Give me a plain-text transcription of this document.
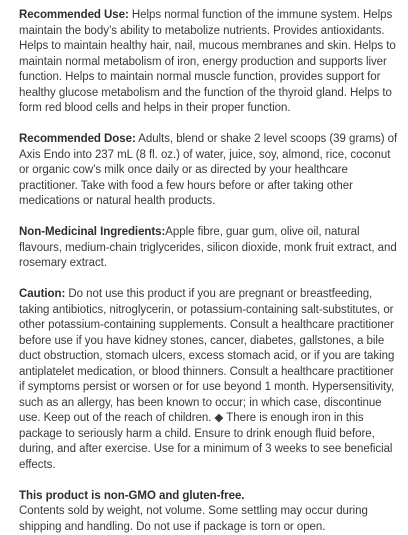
Recommended Use: Helps normal function of the immune system. Helps maintain the body’s ability to metabolize nutrients. Provides antioxidants. Helps to maintain healthy hair, nail, mucous membranes and skin. Helps to maintain normal metabolism of iron, energy production and supports liver function. Helps to maintain normal muscle function, provides support for healthy glucose metabolism and the function of the thyroid gland. Helps to form red blood cells and helps in their proper function.

Recommended Dose: Adults, blend or shake 2 level scoops (39 grams) of Axis Endo into 237 mL (8 fl. oz.) of water, juice, soy, almond, rice, coconut or organic cow’s milk once daily or as directed by your healthcare practitioner. Take with food a few hours before or after taking other medications or natural health products.

Non-Medicinal Ingredients:Apple fibre, guar gum, olive oil, natural flavours, medium-chain triglycerides, silicon dioxide, monk fruit extract, and rosemary extract.

Caution: Do not use this product if you are pregnant or breastfeeding, taking antibiotics, nitroglycerin, or potassium-containing salt-substitutes, or other potassium-containing supplements. Consult a healthcare practitioner before use if you have kidney stones, cancer, diabetes, gallstones, a bile duct obstruction, stomach ulcers, excess stomach acid, or if you are taking antiplatelet medication, or blood thinners. Consult a healthcare practitioner if symptoms persist or worsen or for use beyond 1 month. Hypersensitivity, such as an allergy, has been known to occur; in which case, discontinue use. Keep out of the reach of children. ◆ There is enough iron in this package to seriously harm a child. Ensure to drink enough fluid before, during, and after exercise. Use for a minimum of 3 weeks to see beneficial effects.

This product is non-GMO and gluten-free.
Contents sold by weight, not volume. Some settling may occur during shipping and handling. Do not use if package is torn or open.
